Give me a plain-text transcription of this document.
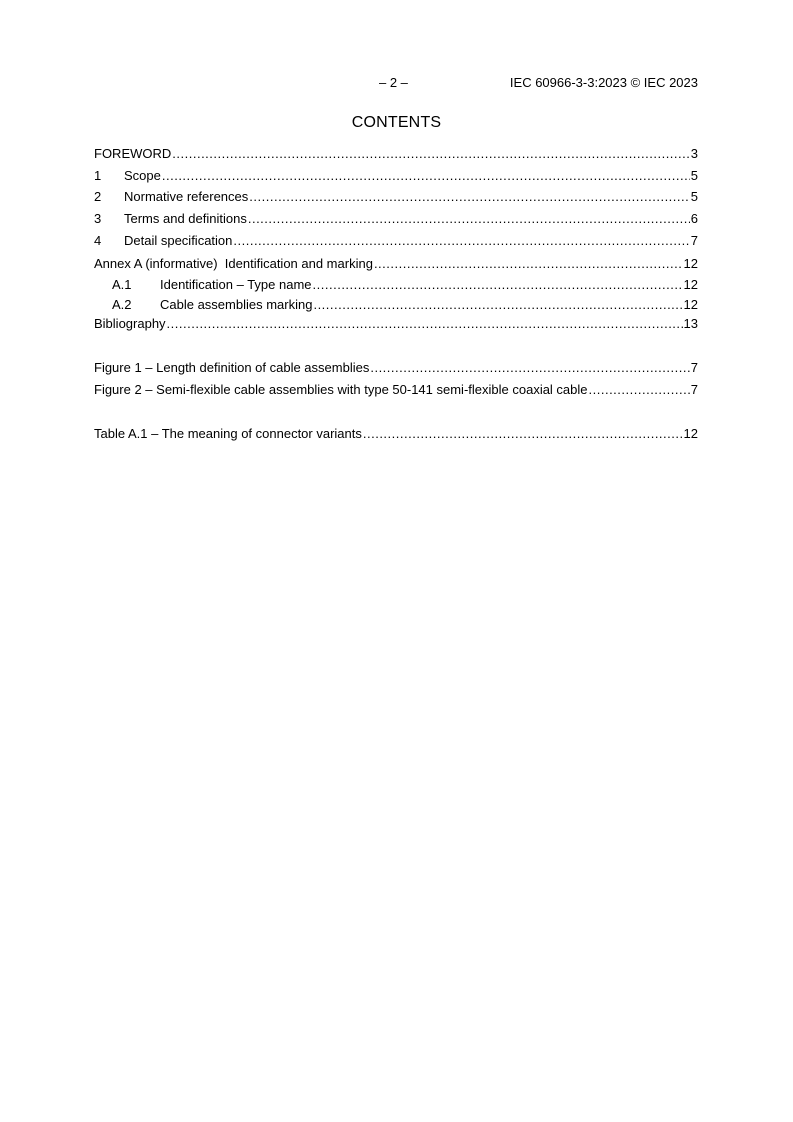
– 2 –	IEC 60966-3-3:2023 © IEC 2023
CONTENTS
FOREWORD .....	3
1	Scope .....	5
2	Normative references .....	5
3	Terms and definitions .....	6
4	Detail specification .....	7
Annex A (informative)  Identification and marking .....	12
A.1	Identification – Type name .....	12
A.2	Cable assemblies marking .....	12
Bibliography .....	13
Figure 1 – Length definition of cable assemblies .....	7
Figure 2 – Semi-flexible cable assemblies with type 50-141 semi-flexible coaxial cable .....	7
Table A.1 – The meaning of connector variants .....	12
